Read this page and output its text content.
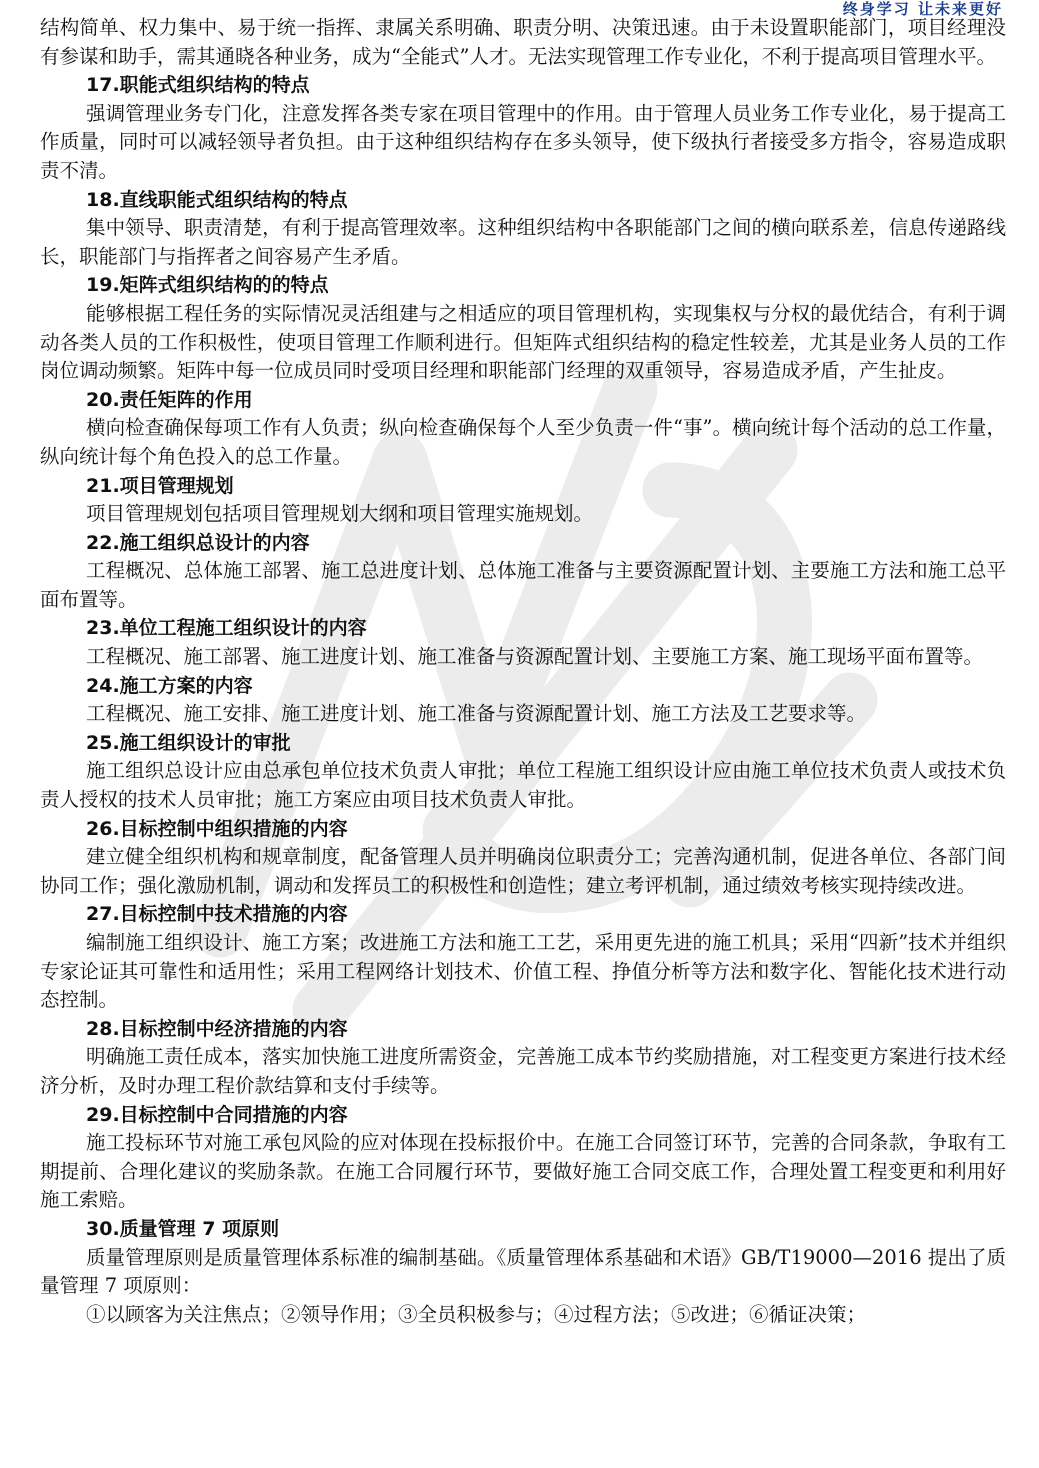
终身学习 让未来更好

结构简单、权力集中、易于统一指挥、隶属关系明确、职责分明、决策迅速。由于未设置职能部门，项目经理没有参谋和助手，需其通晓各种业务，成为“全能式”人才。无法实现管理工作专业化，不利于提高项目管理水平。

17.职能式组织结构的特点

强调管理业务专门化，注意发挥各类专家在项目管理中的作用。由于管理人员业务工作专业化，易于提高工作质量，同时可以减轻领导者负担。由于这种组织结构存在多头领导，使下级执行者接受多方指令，容易造成职责不清。

18.直线职能式组织结构的特点

集中领导、职责清楚，有利于提高管理效率。这种组织结构中各职能部门之间的横向联系差，信息传递路线长，职能部门与指挥者之间容易产生矛盾。

19.矩阵式组织结构的的特点

能够根据工程任务的实际情况灵活组建与之相适应的项目管理机构，实现集权与分权的最优结合，有利于调动各类人员的工作积极性，使项目管理工作顺利进行。但矩阵式组织结构的稳定性较差，尤其是业务人员的工作岗位调动频繁。矩阵中每一位成员同时受项目经理和职能部门经理的双重领导，容易造成矛盾，产生扯皮。

20.责任矩阵的作用

横向检查确保每项工作有人负责；纵向检查确保每个人至少负责一件“事”。横向统计每个活动的总工作量，纵向统计每个角色投入的总工作量。

21.项目管理规划

项目管理规划包括项目管理规划大纲和项目管理实施规划。

22.施工组织总设计的内容

工程概况、总体施工部署、施工总进度计划、总体施工准备与主要资源配置计划、主要施工方法和施工总平面布置等。

23.单位工程施工组织设计的内容

工程概况、施工部署、施工进度计划、施工准备与资源配置计划、主要施工方案、施工现场平面布置等。

24.施工方案的内容

工程概况、施工安排、施工进度计划、施工准备与资源配置计划、施工方法及工艺要求等。

25.施工组织设计的审批

施工组织总设计应由总承包单位技术负责人审批；单位工程施工组织设计应由施工单位技术负责人或技术负责人授权的技术人员审批；施工方案应由项目技术负责人审批。

26.目标控制中组织措施的内容

建立健全组织机构和规章制度，配备管理人员并明确岗位职责分工；完善沟通机制，促进各单位、各部门间协同工作；强化激励机制，调动和发挥员工的积极性和创造性；建立考评机制，通过绩效考核实现持续改进。

27.目标控制中技术措施的内容

编制施工组织设计、施工方案；改进施工方法和施工工艺，采用更先进的施工机具；采用“四新”技术并组织专家论证其可靠性和适用性；采用工程网络计划技术、价值工程、挣值分析等方法和数字化、智能化技术进行动态控制。

28.目标控制中经济措施的内容

明确施工责任成本，落实加快施工进度所需资金，完善施工成本节约奖励措施，对工程变更方案进行技术经济分析，及时办理工程价款结算和支付手续等。

29.目标控制中合同措施的内容

施工投标环节对施工承包风险的应对体现在投标报价中。在施工合同签订环节，完善的合同条款，争取有工期提前、合理化建议的奖励条款。在施工合同履行环节，要做好施工合同交底工作，合理处置工程变更和利用好施工索赔。

30.质量管理 7 项原则

质量管理原则是质量管理体系标准的编制基础。《质量管理体系基础和术语》GB/T19000—2016 提出了质量管理 7 项原则：

①以顾客为关注焦点；②领导作用；③全员积极参与；④过程方法；⑤改进；⑥循证决策；
